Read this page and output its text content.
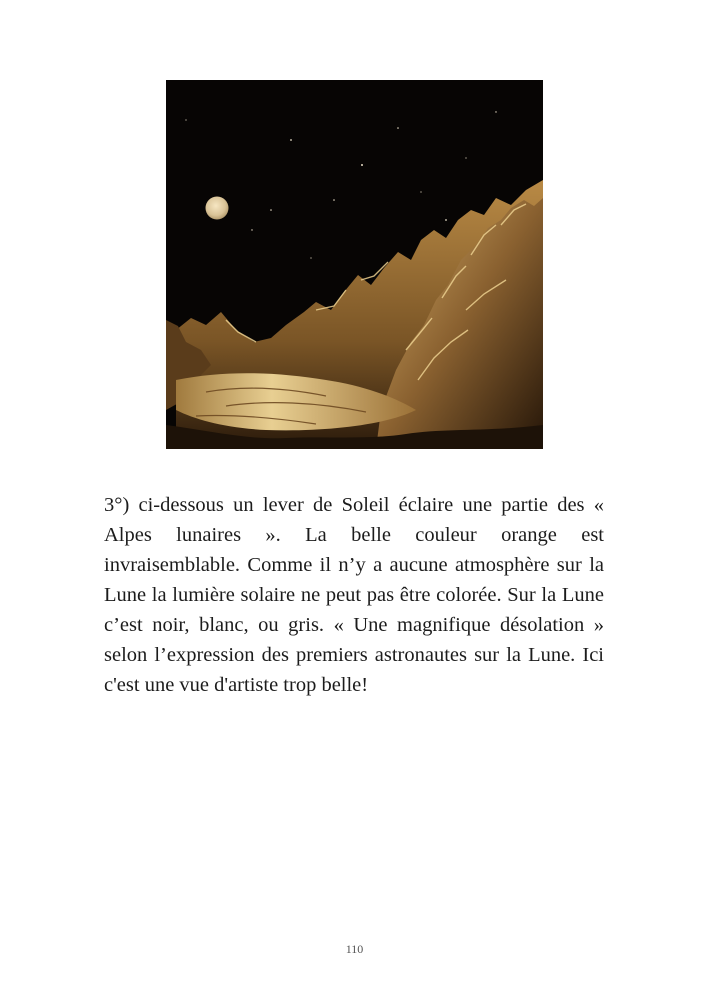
3°) ci-dessous un lever de Soleil éclaire une partie des « Alpes lunaires ». La belle couleur orange est invraisemblable. Comme il n’y a aucune atmosphère sur la Lune la lumière solaire ne peut pas être colorée. Sur la Lune c’est noir, blanc, ou gris. « Une magnifique désolation » selon l’expression des premiers astronautes sur la Lune. Ici c'est une vue d'artiste trop belle!

110
